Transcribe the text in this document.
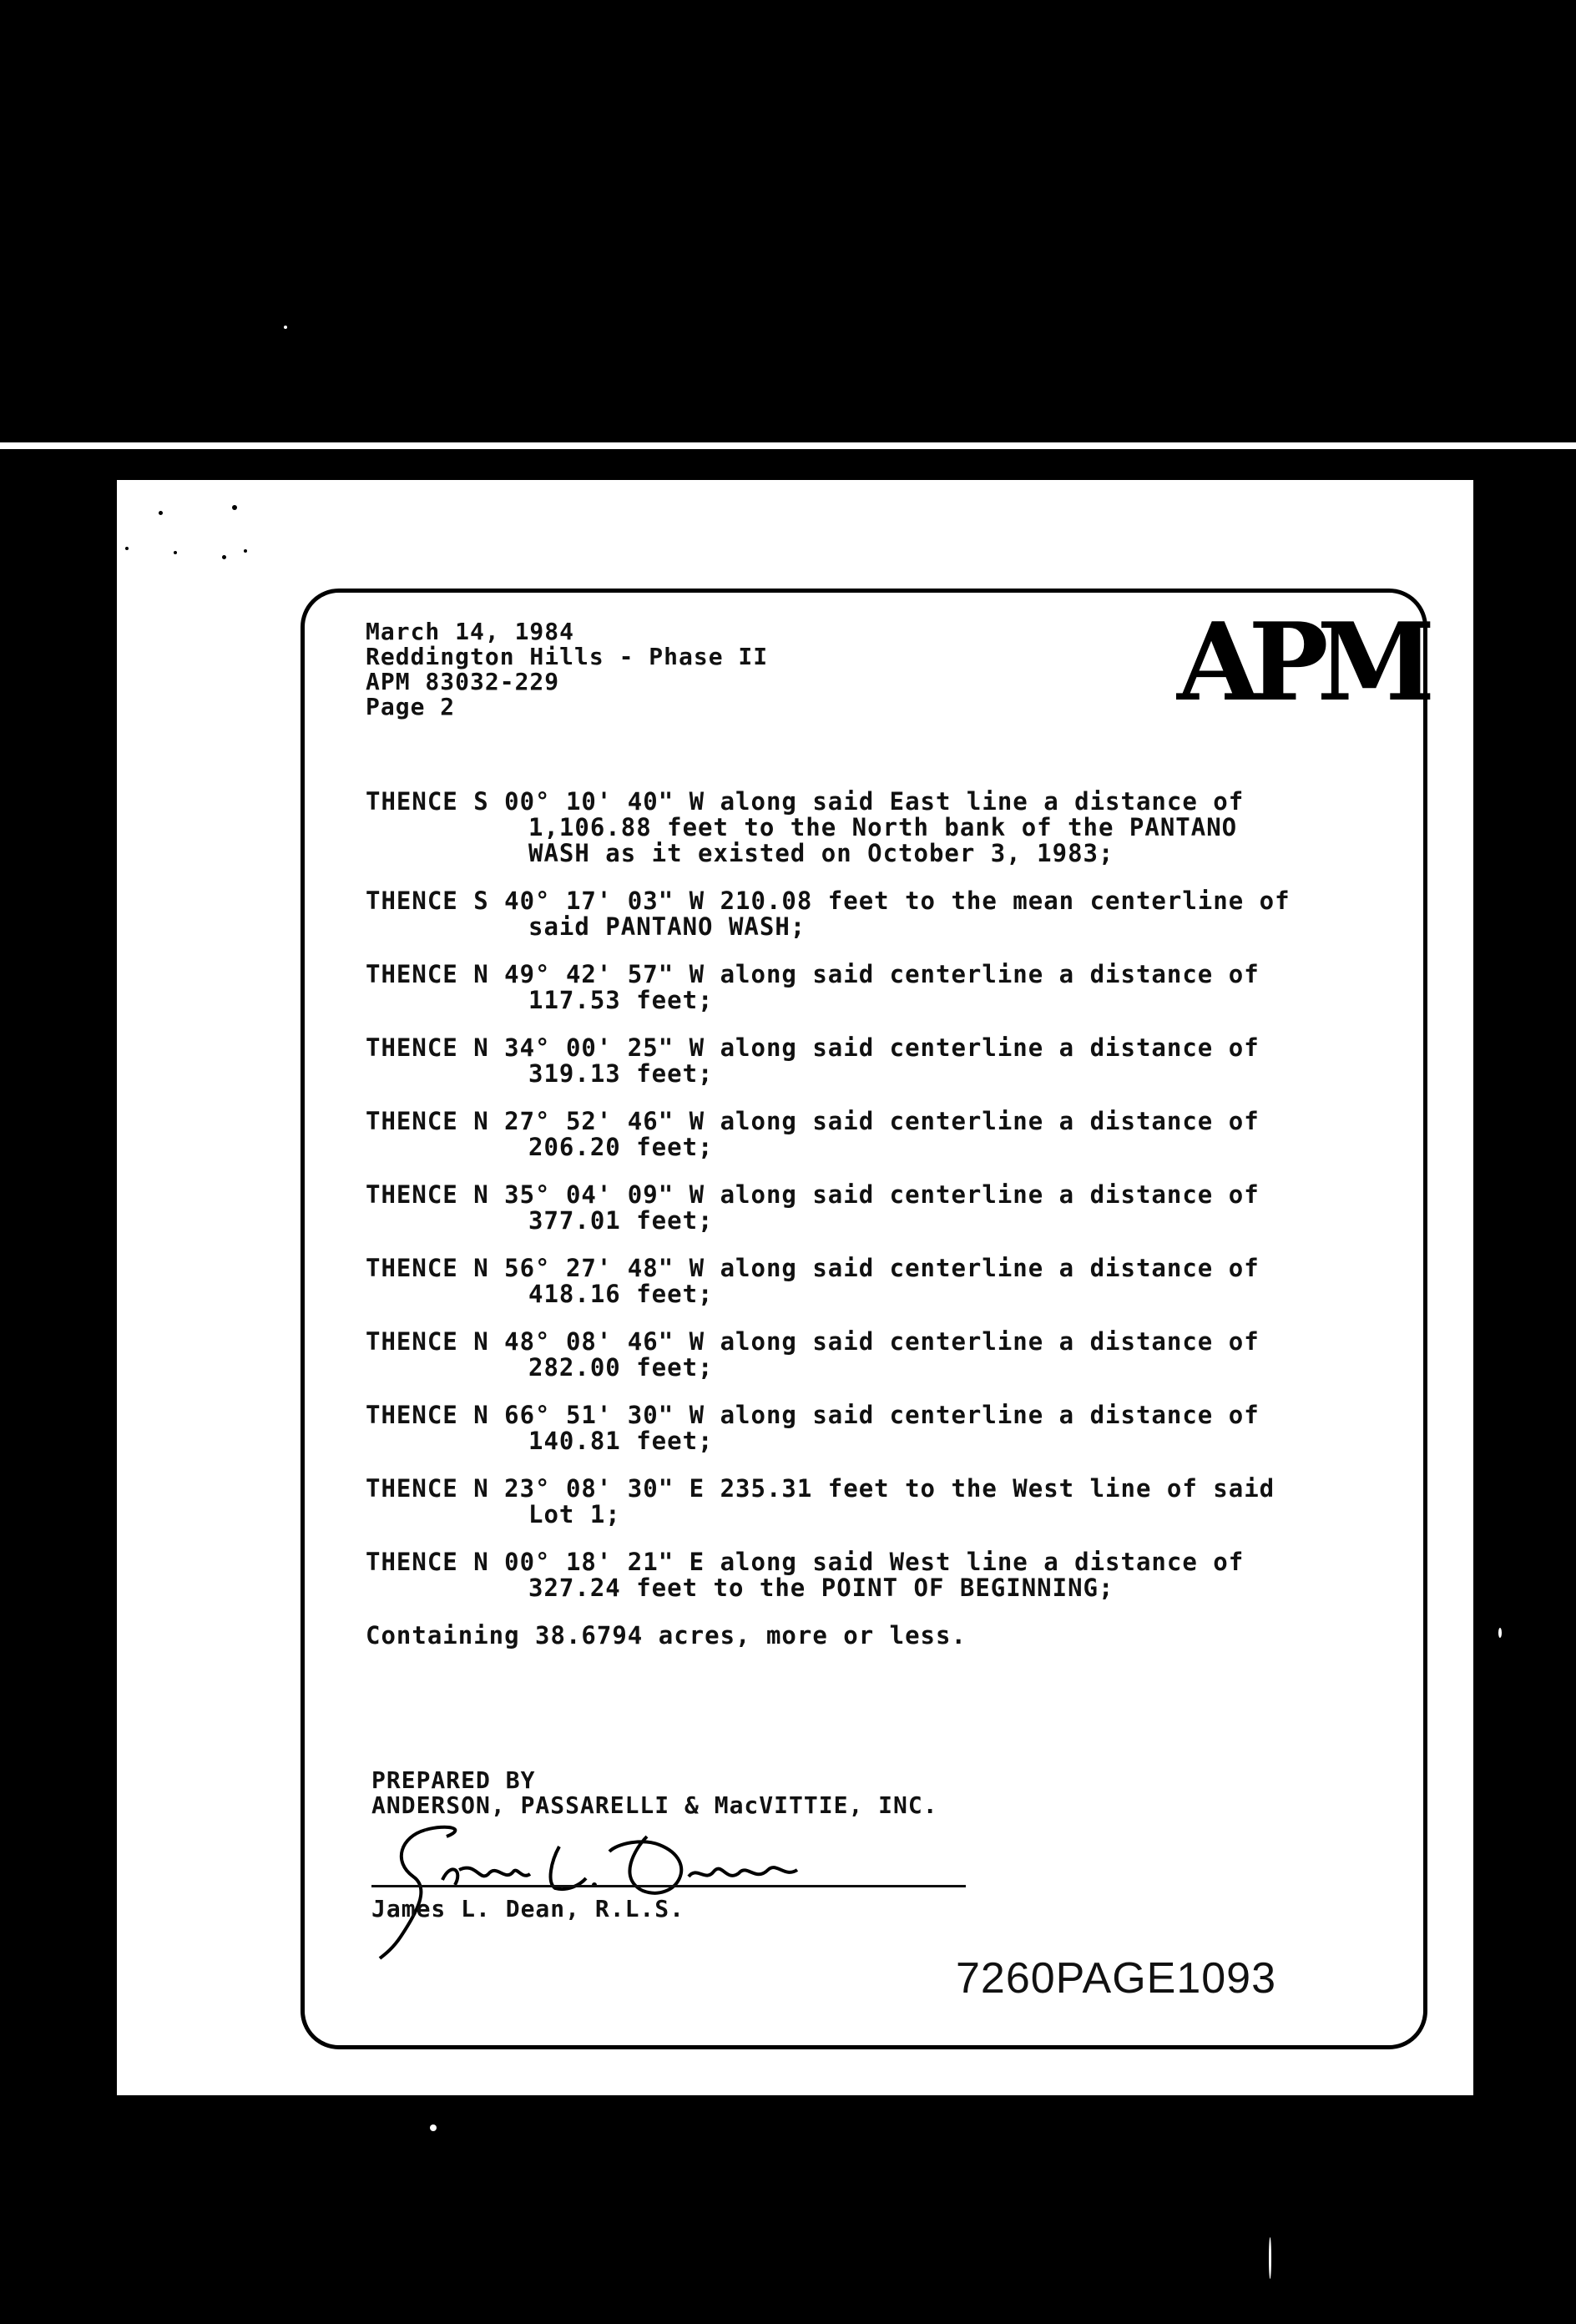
March 14, 1984
Reddington Hills - Phase II
APM 83032-229
Page 2	APM
THENCE S 00° 10' 40" W along said East line a distance of
1,106.88 feet to the North bank of the PANTANO
WASH as it existed on October 3, 1983;
THENCE S 40° 17' 03" W 210.08 feet to the mean centerline of
said PANTANO WASH;
THENCE N 49° 42' 57" W along said centerline a distance of
117.53 feet;
THENCE N 34° 00' 25" W along said centerline a distance of
319.13 feet;
THENCE N 27° 52' 46" W along said centerline a distance of
206.20 feet;
THENCE N 35° 04' 09" W along said centerline a distance of
377.01 feet;
THENCE N 56° 27' 48" W along said centerline a distance of
418.16 feet;
THENCE N 48° 08' 46" W along said centerline a distance of
282.00 feet;
THENCE N 66° 51' 30" W along said centerline a distance of
140.81 feet;
THENCE N 23° 08' 30" E 235.31 feet to the West line of said
Lot 1;
THENCE N 00° 18' 21" E along said West line a distance of
327.24 feet to the POINT OF BEGINNING;
Containing 38.6794 acres, more or less.
PREPARED BY
ANDERSON, PASSARELLI & MacVITTIE, INC.
James L. Dean, R.L.S.
7260PAGE1093
